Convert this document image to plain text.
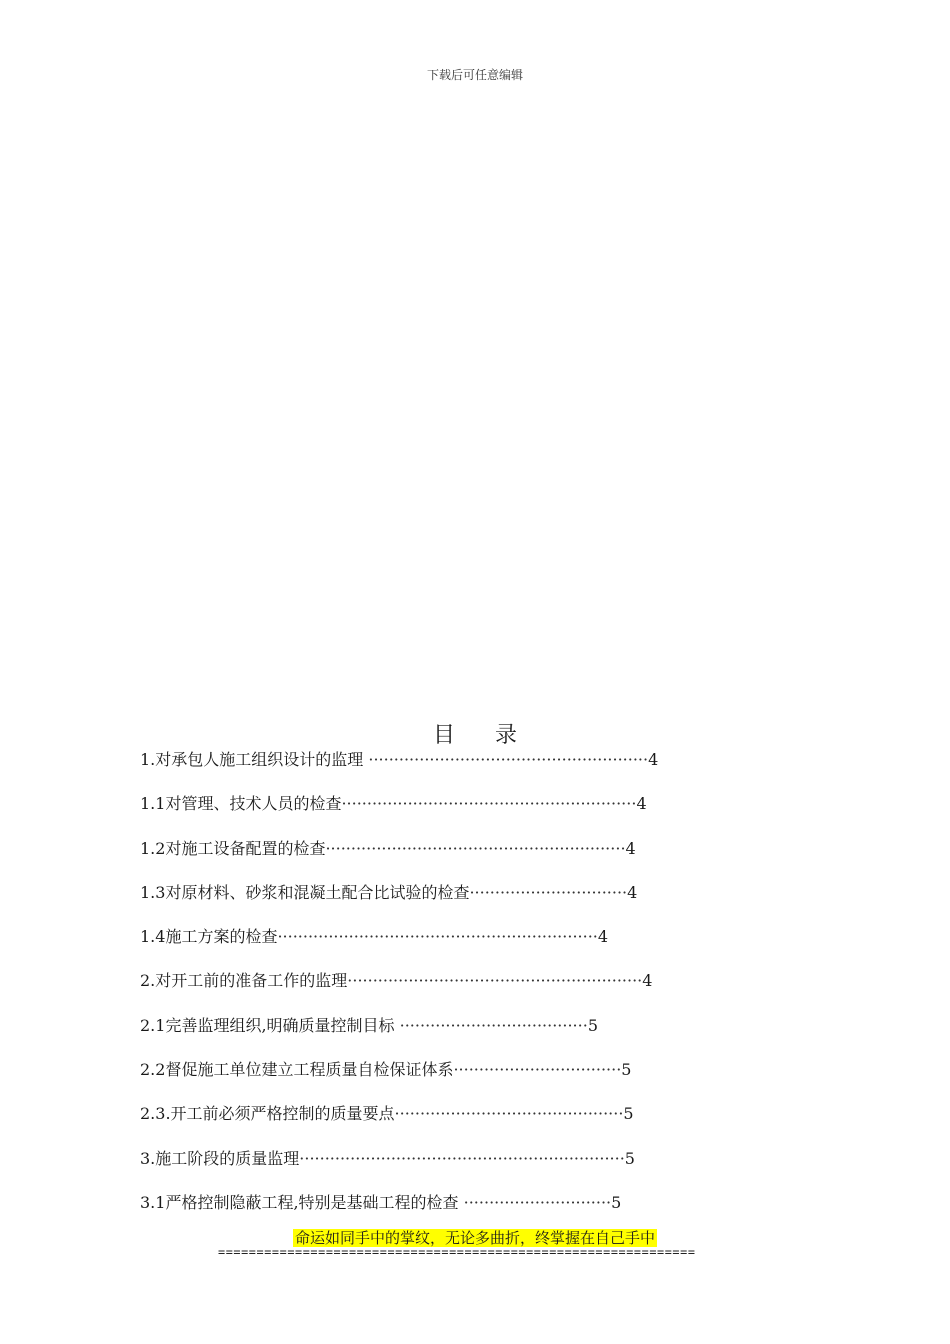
下载后可任意编辑
目录
1.对承包人施工组织设计的监理 ·······················································4
1.1对管理、技术人员的检查··························································4
1.2对施工设备配置的检查···························································4
1.3对原材料、砂浆和混凝土配合比试验的检查·······························4
1.4施工方案的检查·······························································4
2.对开工前的准备工作的监理··························································4
2.1完善监理组织,明确质量控制目标 ·····································5
2.2督促施工单位建立工程质量自检保证体系·································5
2.3.开工前必须严格控制的质量要点·············································5
3.施工阶段的质量监理································································5
3.1严格控制隐蔽工程,特别是基础工程的检查 ·····························5
命运如同手中的掌纹，无论多曲折，终掌握在自己手中
==============================================================
